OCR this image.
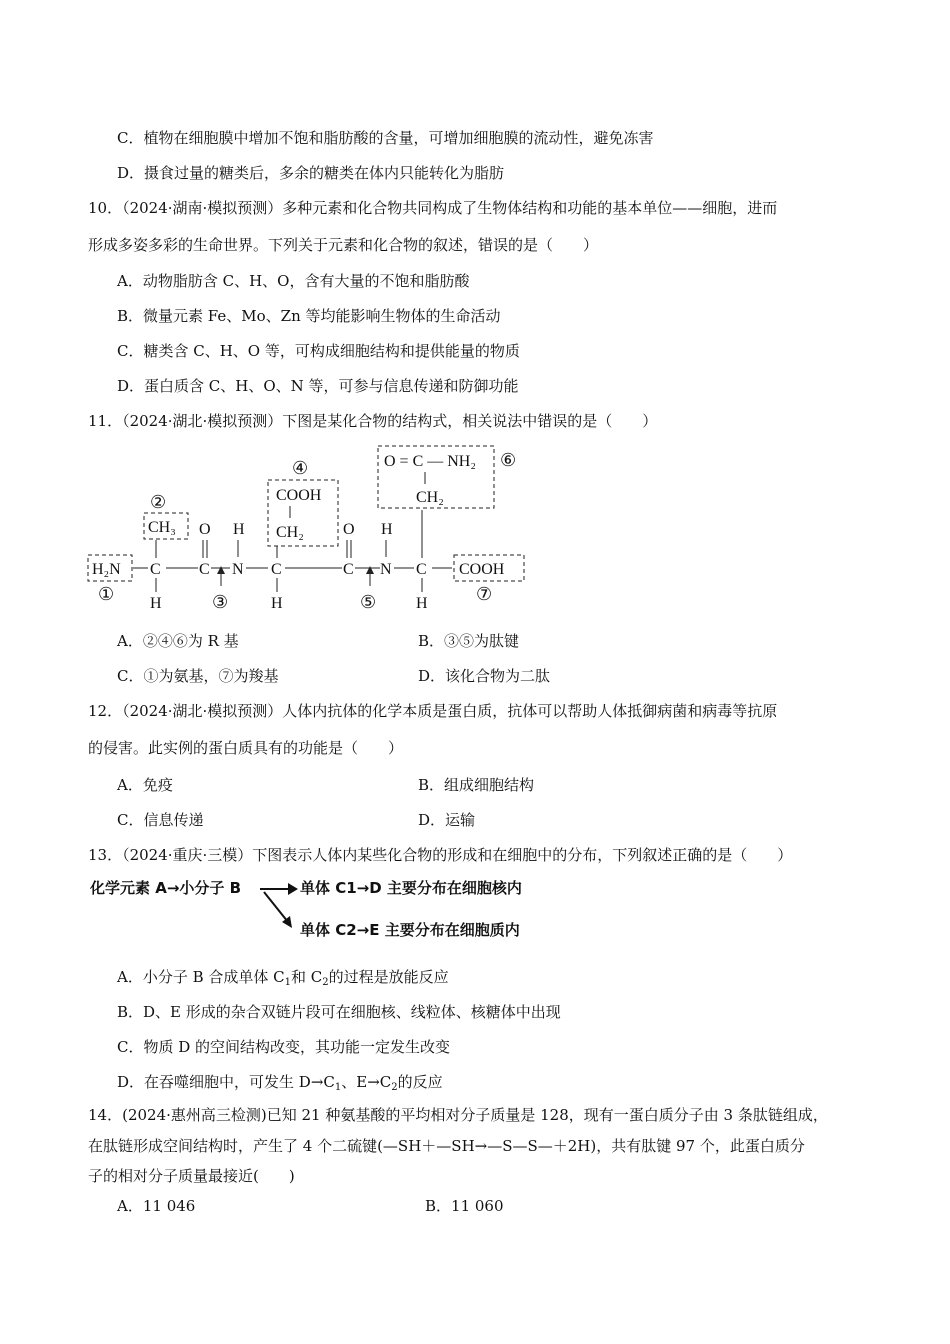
C．植物在细胞膜中增加不饱和脂肪酸的含量，可增加细胞膜的流动性，避免冻害
D．摄食过量的糖类后，多余的糖类在体内只能转化为脂肪
10．（2024·湖南·模拟预测）多种元素和化合物共同构成了生物体结构和功能的基本单位——细胞，进而
形成多姿多彩的生命世界。下列关于元素和化合物的叙述，错误的是（　　）
A．动物脂肪含 C、H、O，含有大量的不饱和脂肪酸
B．微量元素 Fe、Mo、Zn 等均能影响生物体的生命活动
C．糖类含 C、H、O 等，可构成细胞结构和提供能量的物质
D．蛋白质含 C、H、O、N 等，可参与信息传递和防御功能
11．（2024·湖北·模拟预测）下图是某化合物的结构式，相关说法中错误的是（　　）
H₂N
①
C
H
CH₃
②
C
O
N
H
③
C
H
COOH
CH₂
④
C
O
N
H
⑤
C
H
O = C — NH₂
CH₂
⑥
COOH
⑦
A．②④⑥为 R 基	B．③⑤为肽键
C．①为氨基，⑦为羧基	D．该化合物为二肽
12．（2024·湖北·模拟预测）人体内抗体的化学本质是蛋白质，抗体可以帮助人体抵御病菌和病毒等抗原
的侵害。此实例的蛋白质具有的功能是（　　）
A．免疫	B．组成细胞结构
C．信息传递	D．运输
13．（2024·重庆·三模）下图表示人体内某些化合物的形成和在细胞中的分布，下列叙述正确的是（　　）
化学元素 A→小分子 B	单体 C1→D 主要分布在细胞核内
单体 C2→E 主要分布在细胞质内
A．小分子 B 合成单体 $C_1$和 $C_2$的过程是放能反应
B．D、E 形成的杂合双链片段可在细胞核、线粒体、核糖体中出现
C．物质 D 的空间结构改变，其功能一定发生改变
D．在吞噬细胞中，可发生 $D\to C_1$、$E\to C_2$的反应
14．(2024·惠州高三检测)已知 21 种氨基酸的平均相对分子质量是 128，现有一蛋白质分子由 3 条肽链组成，
在肽链形成空间结构时，产生了 4 个二硫键(—SH＋—SH→—S—S—＋2H)，共有肽键 97 个，此蛋白质分
子的相对分子质量最接近(　　)
A．11 046	B．11 060
